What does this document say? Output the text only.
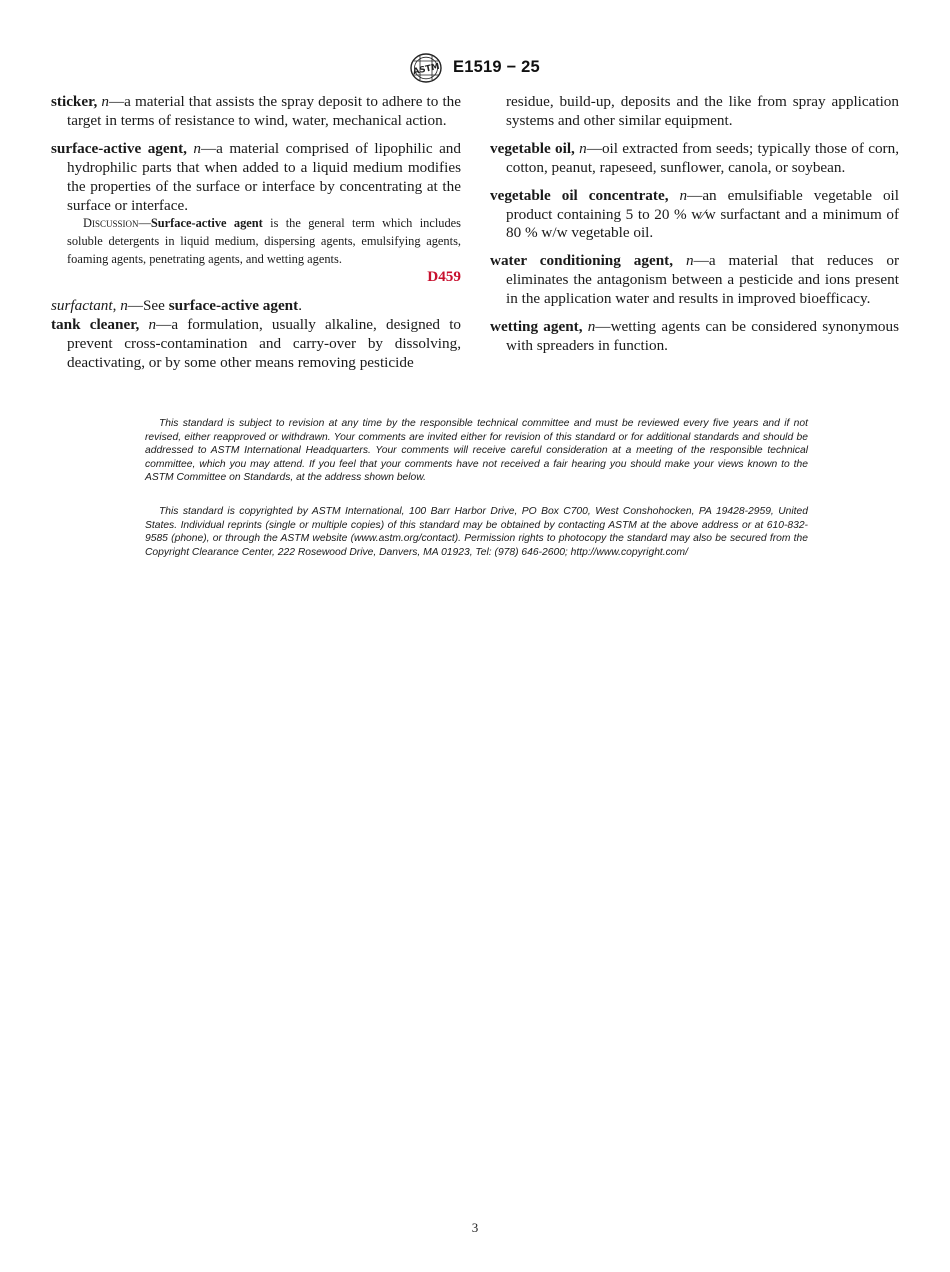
ASTM E1519 − 25

sticker, n—a material that assists the spray deposit to adhere to the target in terms of resistance to wind, water, mechanical action.

surface-active agent, n—a material comprised of lipophilic and hydrophilic parts that when added to a liquid medium modifies the properties of the surface or interface by concentrating at the surface or interface.

Discussion—Surface-active agent is the general term which includes soluble detergents in liquid medium, dispersing agents, emulsifying agents, foaming agents, penetrating agents, and wetting agents.

D459

surfactant, n—See surface-active agent.

tank cleaner, n—a formulation, usually alkaline, designed to prevent cross-contamination and carry-over by dissolving, deactivating, or by some other means removing pesticide

residue, build-up, deposits and the like from spray application systems and other similar equipment.

vegetable oil, n—oil extracted from seeds; typically those of corn, cotton, peanut, rapeseed, sunflower, canola, or soybean.

vegetable oil concentrate, n—an emulsifiable vegetable oil product containing 5 to 20 % w⁄w surfactant and a minimum of 80 % w/w vegetable oil.

water conditioning agent, n—a material that reduces or eliminates the antagonism between a pesticide and ions present in the application water and results in improved bioefficacy.

wetting agent, n—wetting agents can be considered synonymous with spreaders in function.

This standard is subject to revision at any time by the responsible technical committee and must be reviewed every five years and if not revised, either reapproved or withdrawn. Your comments are invited either for revision of this standard or for additional standards and should be addressed to ASTM International Headquarters. Your comments will receive careful consideration at a meeting of the responsible technical committee, which you may attend. If you feel that your comments have not received a fair hearing you should make your views known to the ASTM Committee on Standards, at the address shown below.

This standard is copyrighted by ASTM International, 100 Barr Harbor Drive, PO Box C700, West Conshohocken, PA 19428-2959, United States. Individual reprints (single or multiple copies) of this standard may be obtained by contacting ASTM at the above address or at 610-832-9585 (phone), or through the ASTM website (www.astm.org/contact). Permission rights to photocopy the standard may also be secured from the Copyright Clearance Center, 222 Rosewood Drive, Danvers, MA 01923, Tel: (978) 646-2600; http://www.copyright.com/

3
